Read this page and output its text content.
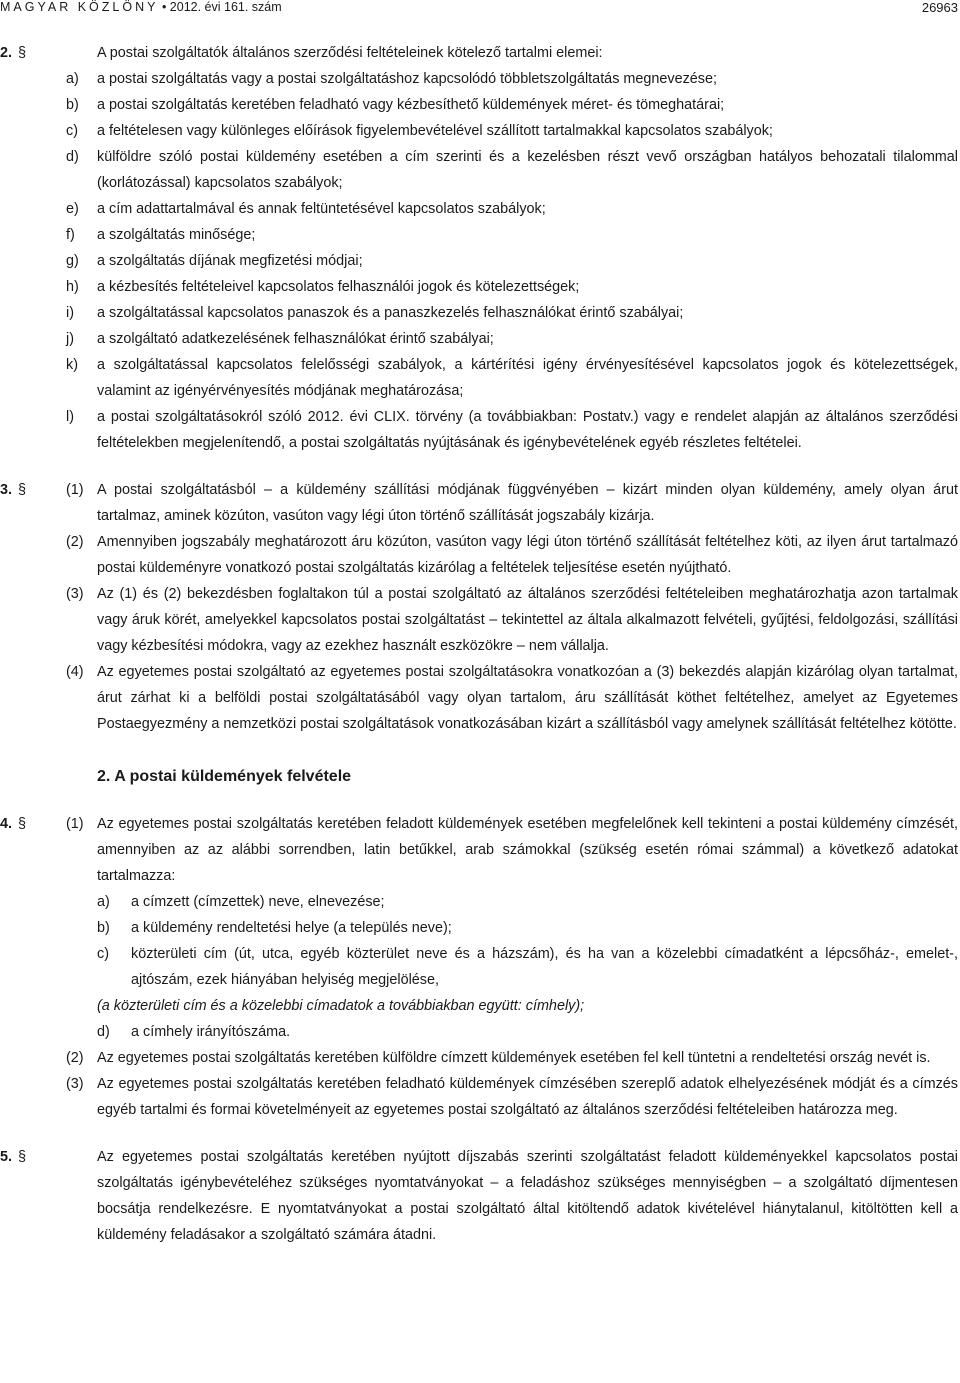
MAGYAR KÖZLÖNY • 2012. évi 161. szám	26963
2. §	A postai szolgáltatók általános szerződési feltételeinek kötelező tartalmi elemei:
a) a postai szolgáltatás vagy a postai szolgáltatáshoz kapcsolódó többletszolgáltatás megnevezése;
b) a postai szolgáltatás keretében feladható vagy kézbesíthető küldemények méret- és tömeghatárai;
c) a feltételesen vagy különleges előírások figyelembevételével szállított tartalmakkal kapcsolatos szabályok;
d) külföldre szóló postai küldemény esetében a cím szerinti és a kezelésben részt vevő országban hatályos behozatali tilalommal (korlátozással) kapcsolatos szabályok;
e) a cím adattartalmával és annak feltüntetésével kapcsolatos szabályok;
f) a szolgáltatás minősége;
g) a szolgáltatás díjának megfizetési módjai;
h) a kézbesítés feltételeivel kapcsolatos felhasználói jogok és kötelezettségek;
i) a szolgáltatással kapcsolatos panaszok és a panaszkezelés felhasználókat érintő szabályai;
j) a szolgáltató adatkezelésének felhasználókat érintő szabályai;
k) a szolgáltatással kapcsolatos felelősségi szabályok, a kártérítési igény érvényesítésével kapcsolatos jogok és kötelezettségek, valamint az igényérvényesítés módjának meghatározása;
l) a postai szolgáltatásokról szóló 2012. évi CLIX. törvény (a továbbiakban: Postatv.) vagy e rendelet alapján az általános szerződési feltételekben megjelenítendő, a postai szolgáltatás nyújtásának és igénybevételének egyéb részletes feltételei.
3. §	(1) A postai szolgáltatásból – a küldemény szállítási módjának függvényében – kizárt minden olyan küldemény, amely olyan árut tartalmaz, aminek közúton, vasúton vagy légi úton történő szállítását jogszabály kizárja.
(2) Amennyiben jogszabály meghatározott áru közúton, vasúton vagy légi úton történő szállítását feltételhez köti, az ilyen árut tartalmazó postai küldeményre vonatkozó postai szolgáltatás kizárólag a feltételek teljesítése esetén nyújtható.
(3) Az (1) és (2) bekezdésben foglaltakon túl a postai szolgáltató az általános szerződési feltételeiben meghatározhatja azon tartalmak vagy áruk körét, amelyekkel kapcsolatos postai szolgáltatást – tekintettel az általa alkalmazott felvételi, gyűjtési, feldolgozási, szállítási vagy kézbesítési módokra, vagy az ezekhez használt eszközökre – nem vállalja.
(4) Az egyetemes postai szolgáltató az egyetemes postai szolgáltatásokra vonatkozóan a (3) bekezdés alapján kizárólag olyan tartalmat, árut zárhat ki a belföldi postai szolgáltatásából vagy olyan tartalom, áru szállítását köthet feltételhez, amelyet az Egyetemes Postaegyezmény a nemzetközi postai szolgáltatások vonatkozásában kizárt a szállításból vagy amelynek szállítását feltételhez kötötte.
2. A postai küldemények felvétele
4. §	(1) Az egyetemes postai szolgáltatás keretében feladott küldemények esetében megfelelőnek kell tekinteni a postai küldemény címzését, amennyiben az az alábbi sorrendben, latin betűkkel, arab számokkal (szükség esetén római számmal) a következő adatokat tartalmazza:
a) a címzett (címzettek) neve, elnevezése;
b) a küldemény rendeltetési helye (a település neve);
c) közterületi cím (út, utca, egyéb közterület neve és a házszám), és ha van a közelebbi címadatként a lépcsőház-, emelet-, ajtószám, ezek hiányában helyiség megjelölése,
(a közterületi cím és a közelebbi címadatok a továbbiakban együtt: címhely);
d) a címhely irányítószáma.
(2) Az egyetemes postai szolgáltatás keretében külföldre címzett küldemények esetében fel kell tüntetni a rendeltetési ország nevét is.
(3) Az egyetemes postai szolgáltatás keretében feladható küldemények címzésében szereplő adatok elhelyezésének módját és a címzés egyéb tartalmi és formai követelményeit az egyetemes postai szolgáltató az általános szerződési feltételeiben határozza meg.
5. §	Az egyetemes postai szolgáltatás keretében nyújtott díjszabás szerinti szolgáltatást feladott küldeményekkel kapcsolatos postai szolgáltatás igénybevételéhez szükséges nyomtatványokat – a feladáshoz szükséges mennyiségben – a szolgáltató díjmentesen bocsátja rendelkezésre. E nyomtatványokat a postai szolgáltató által kitöltendő adatok kivételével hiánytalanul, kitöltötten kell a küldemény feladásakor a szolgáltató számára átadni.
